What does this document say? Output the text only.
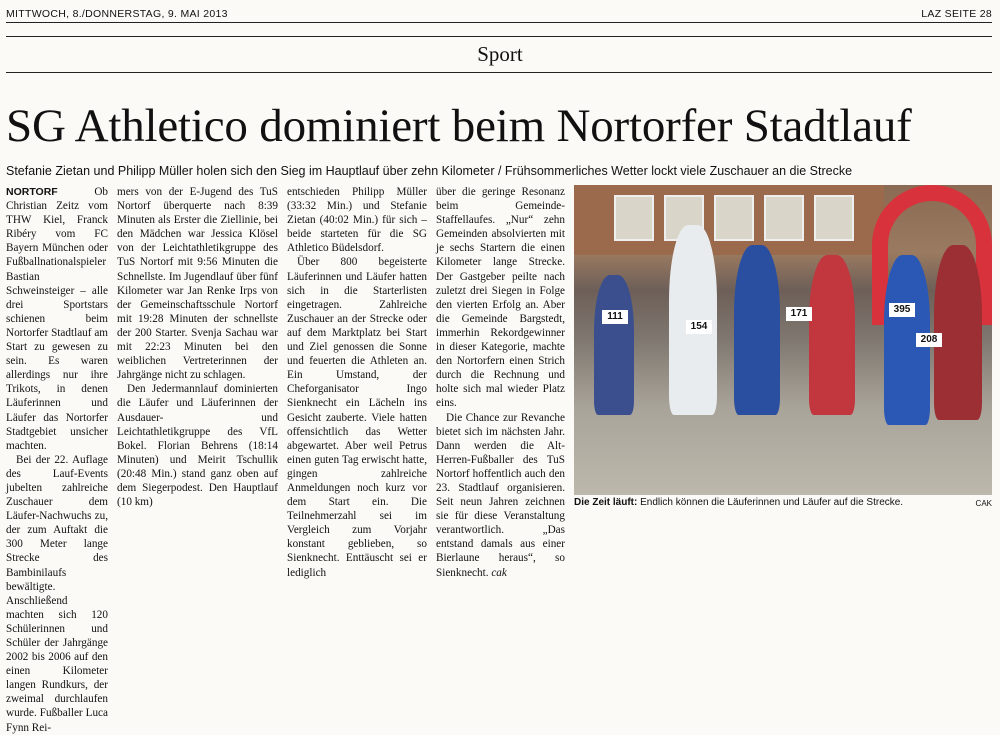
MITTWOCH, 8./DONNERSTAG, 9. MAI 2013	LAZ SEITE 28
Sport
SG Athletico dominiert beim Nortorfer Stadtlauf
Stefanie Zietan und Philipp Müller holen sich den Sieg im Hauptlauf über zehn Kilometer / Frühsommerliches Wetter lockt viele Zuschauer an die Strecke

NORTORF	Ob Christian Zeitz vom THW Kiel, Franck Ribéry vom FC Bayern München oder Fußballnationalspieler Bastian Schweinsteiger – alle drei Sportstars schienen beim Nortorfer Stadtlauf am Start zu gewesen zu sein. Es waren allerdings nur ihre Trikots, in denen Läuferinnen und Läufer das Nortorfer Stadtgebiet unsicher machten.

Bei der 22. Auflage des Lauf-Events jubelten zahlreiche Zuschauer dem Läufer-Nachwuchs zu, der zum Auftakt die 300 Meter lange Strecke des Bambinilaufs bewältigte. Anschließend machten sich 120 Schülerinnen und Schüler der Jahrgänge 2002 bis 2006 auf den einen Kilometer langen Rundkurs, der zweimal durchlaufen wurde. Fußballer Luca Fynn Rei-

mers von der E-Jugend des TuS Nortorf überquerte nach 8:39 Minuten als Erster die Ziellinie, bei den Mädchen war Jessica Klösel von der Leichtathletikgruppe des TuS Nortorf mit 9:56 Minuten die Schnellste. Im Jugendlauf über fünf Kilometer war Jan Renke Irps von der Gemeinschaftsschule Nortorf mit 19:28 Minuten der schnellste der 200 Starter. Svenja Sachau war mit 22:23 Minuten bei den weiblichen Vertreterinnen der Jahrgänge nicht zu schlagen.

Den Jedermannlauf dominierten die Läufer und Läuferinnen der Ausdauer- und Leichtathletikgruppe des VfL Bokel. Florian Behrens (18:14 Minuten) und Meirit Tschullik (20:48 Min.) stand ganz oben auf dem Siegerpodest. Den Hauptlauf (10 km)

entschieden Philipp Müller (33:32 Min.) und Stefanie Zietan (40:02 Min.) für sich – beide starteten für die SG Athletico Büdelsdorf.

Über 800 begeisterte Läuferinnen und Läufer hatten sich in die Starterlisten eingetragen. Zahlreiche Zuschauer an der Strecke oder auf dem Marktplatz bei Start und Ziel genossen die Sonne und feuerten die Athleten an. Ein Umstand, der Cheforganisator Ingo Sienknecht ein Lächeln ins Gesicht zauberte. Viele hatten offensichtlich das Wetter abgewartet. Aber weil Petrus einen guten Tag erwischt hatte, gingen zahlreiche Anmeldungen noch kurz vor dem Start ein. Die Teilnehmerzahl sei im Vergleich zum Vorjahr konstant geblieben, so Sienknecht. Enttäuscht sei er lediglich

über die geringe Resonanz beim Gemeinde-Staffellaufes. „Nur“ zehn Gemeinden absolvierten mit je sechs Startern die einen Kilometer lange Strecke. Der Gastgeber peilte nach zuletzt drei Siegen in Folge den vierten Erfolg an. Aber die Gemeinde Bargstedt, immerhin Rekordgewinner in dieser Kategorie, machte den Nortorfern einen Strich durch die Rechnung und holte sich mal wieder Platz eins.

Die Chance zur Revanche bietet sich im nächsten Jahr. Dann werden die Alt-Herren-Fußballer des TuS Nortorf hoffentlich auch den 23. Stadtlauf organisieren. Seit neun Jahren zeichnen sie für diese Veranstaltung verantwortlich. „Das entstand damals aus einer Bierlaune heraus“, so Sienknecht. cak

111
154
171	395
208
Die Zeit läuft: Endlich können die Läuferinnen und Läufer auf die Strecke.	CAK
